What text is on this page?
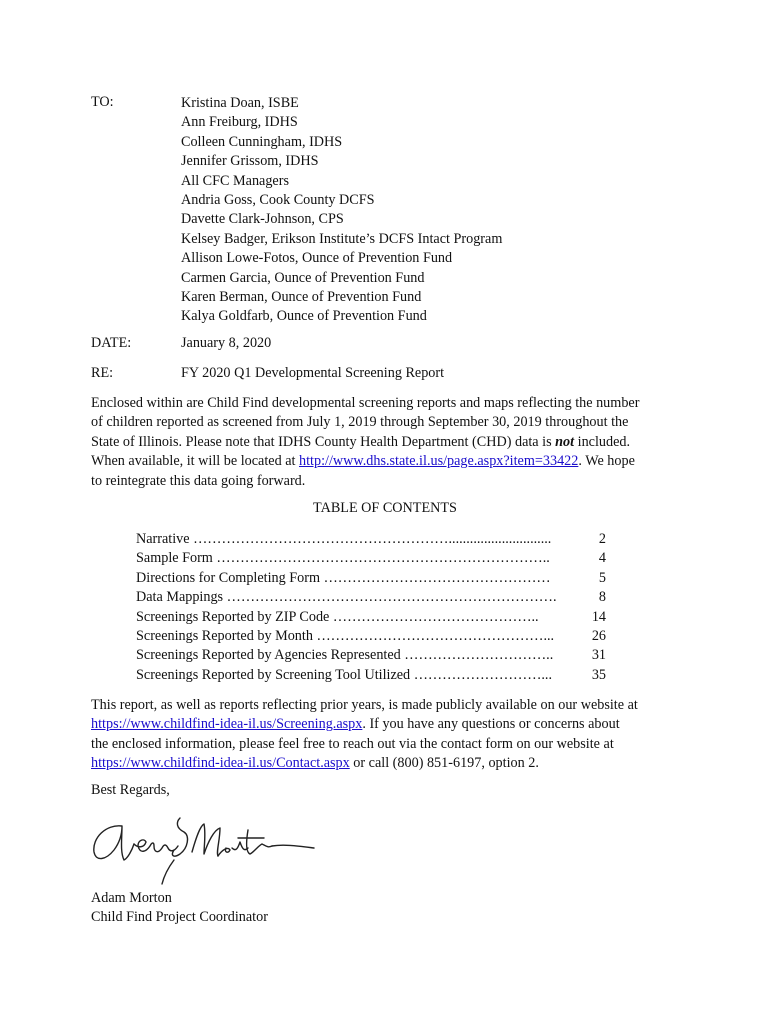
TO:	Kristina Doan, ISBE
Ann Freiburg, IDHS
Colleen Cunningham, IDHS
Jennifer Grissom, IDHS
All CFC Managers
Andria Goss, Cook County DCFS
Davette Clark-Johnson, CPS
Kelsey Badger, Erikson Institute’s DCFS Intact Program
Allison Lowe-Fotos, Ounce of Prevention Fund
Carmen Garcia, Ounce of Prevention Fund
Karen Berman, Ounce of Prevention Fund
Kalya Goldfarb, Ounce of Prevention Fund
DATE:	January 8, 2020
RE:	FY 2020 Q1 Developmental Screening Report
Enclosed within are Child Find developmental screening reports and maps reflecting the number
of children reported as screened from July 1, 2019 through September 30, 2019 throughout the
State of Illinois. Please note that IDHS County Health Department (CHD) data is not included.
When available, it will be located at http://www.dhs.state.il.us/page.aspx?item=33422. We hope
to reintegrate this data going forward.
TABLE OF CONTENTS
Narrative ……………………………………………….............................	2
Sample Form ……………………………………………………………..	4
Directions for Completing Form …………………………………………	5
Data Mappings …………………………………………………………….	8
Screenings Reported by ZIP Code ……………………………………..	14
Screenings Reported by Month …………………………………………...	26
Screenings Reported by Agencies Represented …………………………..	31
Screenings Reported by Screening Tool Utilized ………………………...	35
This report, as well as reports reflecting prior years, is made publicly available on our website at
https://www.childfind-idea-il.us/Screening.aspx. If you have any questions or concerns about
the enclosed information, please feel free to reach out via the contact form on our website at
https://www.childfind-idea-il.us/Contact.aspx or call (800) 851-6197, option 2.
Best Regards,
Adam Morton
Child Find Project Coordinator
